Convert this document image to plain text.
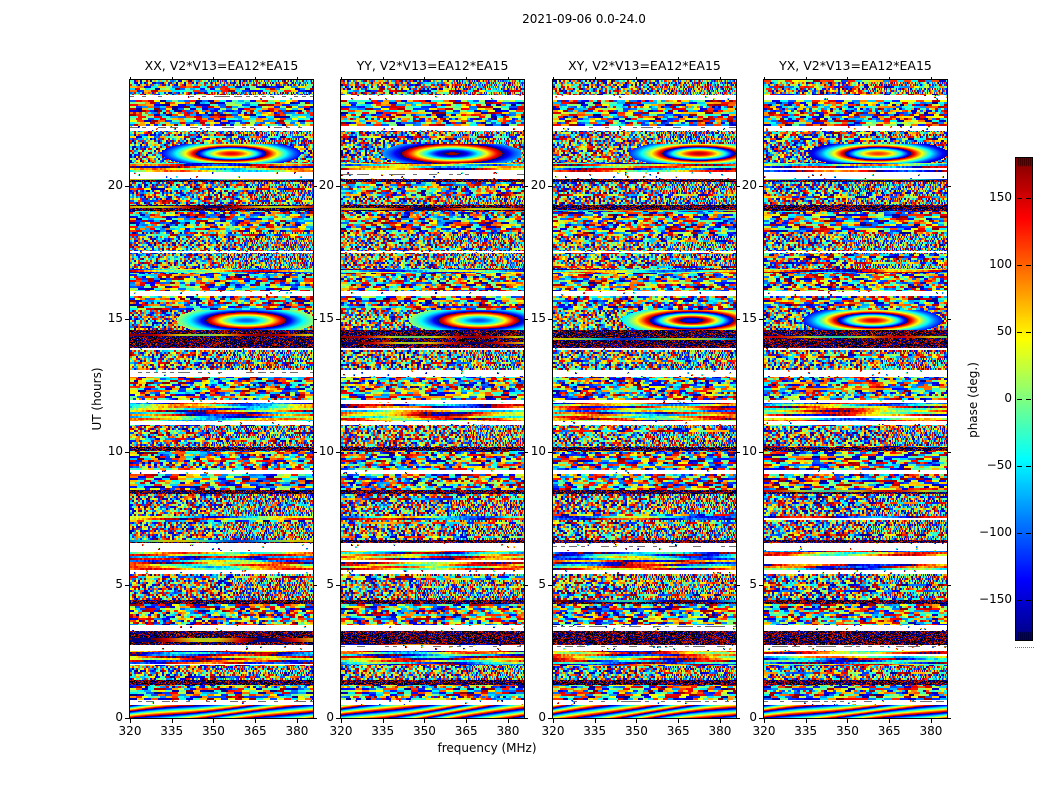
2021-09-06 0.0-24.0
frequency (MHz)
UT (hours)	phase (deg.)
−150
−100
−50
0
50
100
150
XX, V2*V13=EA12*EA15
320 335 350 365 380
0
5
10
15
20
YY, V2*V13=EA12*EA15
320 335 350 365 380
0
5
10
15
20
XY, V2*V13=EA12*EA15
320 335 350 365 380
0
5
10
15
20
YX, V2*V13=EA12*EA15
320 335 350 365 380
0
5
10
15
20
